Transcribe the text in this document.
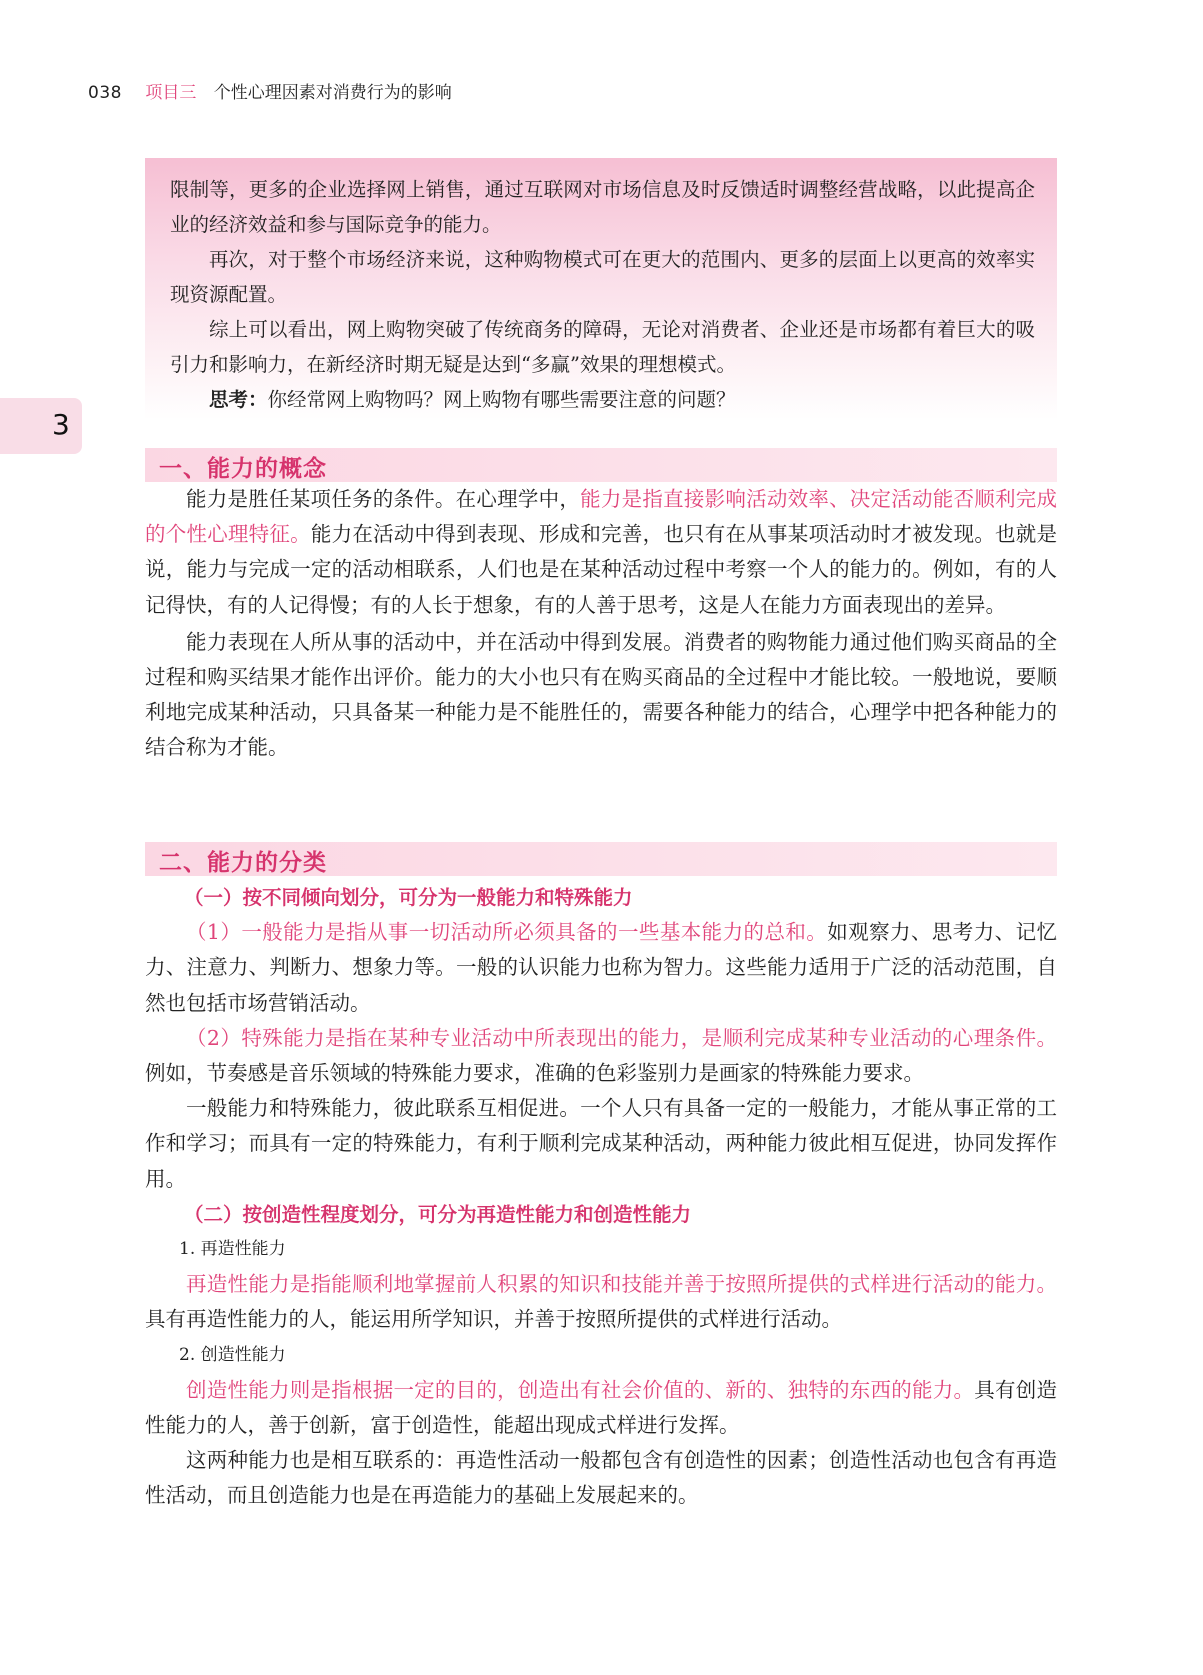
038 项目三 个性心理因素对消费行为的影响
3

限制等，更多的企业选择网上销售，通过互联网对市场信息及时反馈适时调整经营战略，以此提高企业的经济效益和参与国际竞争的能力。

再次，对于整个市场经济来说，这种购物模式可在更大的范围内、更多的层面上以更高的效率实现资源配置。

综上可以看出，网上购物突破了传统商务的障碍，无论对消费者、企业还是市场都有着巨大的吸引力和影响力，在新经济时期无疑是达到“多赢”效果的理想模式。

思考：你经常网上购物吗？网上购物有哪些需要注意的问题？

一、能力的概念

能力是胜任某项任务的条件。在心理学中，能力是指直接影响活动效率、决定活动能否顺利完成的个性心理特征。能力在活动中得到表现、形成和完善，也只有在从事某项活动时才被发现。也就是说，能力与完成一定的活动相联系，人们也是在某种活动过程中考察一个人的能力的。例如，有的人记得快，有的人记得慢；有的人长于想象，有的人善于思考，这是人在能力方面表现出的差异。

能力表现在人所从事的活动中，并在活动中得到发展。消费者的购物能力通过他们购买商品的全过程和购买结果才能作出评价。能力的大小也只有在购买商品的全过程中才能比较。一般地说，要顺利地完成某种活动，只具备某一种能力是不能胜任的，需要各种能力的结合，心理学中把各种能力的结合称为才能。

二、能力的分类

（一）按不同倾向划分，可分为一般能力和特殊能力

（1）一般能力是指从事一切活动所必须具备的一些基本能力的总和。如观察力、思考力、记忆力、注意力、判断力、想象力等。一般的认识能力也称为智力。这些能力适用于广泛的活动范围，自然也包括市场营销活动。

（2）特殊能力是指在某种专业活动中所表现出的能力，是顺利完成某种专业活动的心理条件。例如，节奏感是音乐领域的特殊能力要求，准确的色彩鉴别力是画家的特殊能力要求。

一般能力和特殊能力，彼此联系互相促进。一个人只有具备一定的一般能力，才能从事正常的工作和学习；而具有一定的特殊能力，有利于顺利完成某种活动，两种能力彼此相互促进，协同发挥作用。

（二）按创造性程度划分，可分为再造性能力和创造性能力

1. 再造性能力

再造性能力是指能顺利地掌握前人积累的知识和技能并善于按照所提供的式样进行活动的能力。具有再造性能力的人，能运用所学知识，并善于按照所提供的式样进行活动。

2. 创造性能力

创造性能力则是指根据一定的目的，创造出有社会价值的、新的、独特的东西的能力。具有创造性能力的人，善于创新，富于创造性，能超出现成式样进行发挥。

这两种能力也是相互联系的：再造性活动一般都包含有创造性的因素；创造性活动也包含有再造性活动，而且创造能力也是在再造能力的基础上发展起来的。
